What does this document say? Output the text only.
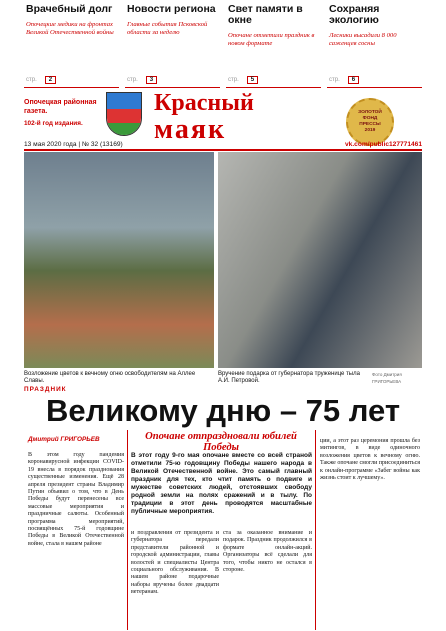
Врачебный долг
Опочецкие медики на фронтах Великой Отечественной войны
стр. 2
Новости региона
Главные события Псковской области за неделю
стр. 3
Свет памяти в окне
Опочане отметили праздник в новом формате
стр. 5
Сохраняя экологию
Лесники высадили 8 000 саженцев сосны
стр. 6
Опочецкая районная газета.
102-й год издания.
Красный
маяк
ЗОЛОТОЙ
ФОНД
ПРЕССЫ
2019
13 мая 2020 года | № 32 (13169)	vk.com/public127771461
Возложение цветов к вечному огню освободителям на Аллее Славы.
Вручение подарка от губернатора труженице тыла А.И. Петровой.
Фото Дмитрия ГРИГОРЬЕВА
ПРАЗДНИК
Великому дню – 75 лет
Дмитрий ГРИГОРЬЕВ	Опочане отпраздновали юбилей Победы
В этом году пандемия коронавирусной инфекции COVID-19 внесла в порядок празднования существенные изменения. Ещё 28 апреля президент страны Владимир Путин объявил о том, что в День Победы будут перенесены все массовые мероприятия и праздничные салюты. Особенный программа мероприятий, посвящённых 75-й годовщине Победы в Великой Отечественной войне, стала в нашем районе
В этот году 9-го мая опочане вместе со всей страной отметили 75-ю годовщину Победы нашего народа в Великой Отечественной войне. Это самый главный праздник для тех, кто чтит память о подвиге и мужестве советских людей, отстоявших свободу родной земли на полях сражений и в тылу. По традиции в этот день проводятся масштабные публичные мероприятия.
и поздравления от президента и губернатора передали представители районной и городской администрации, главы волостей и специалисты Центра социального обслуживания. В нашем районе подарочные наборы вручены более двадцати ветеранам.
ста за оказанное внимание и подарок. Праздник продолжился в формате онлайн-акций. Организаторы всё сделали для того, чтобы никто не остался в стороне.
ции, а этот раз церемония прошла без митингов, в виде одиночного возложения цветов к вечному огню. Также опочане смогли присоединиться к онлайн-программе «Забег войны как жизнь стоит к лучшему».
